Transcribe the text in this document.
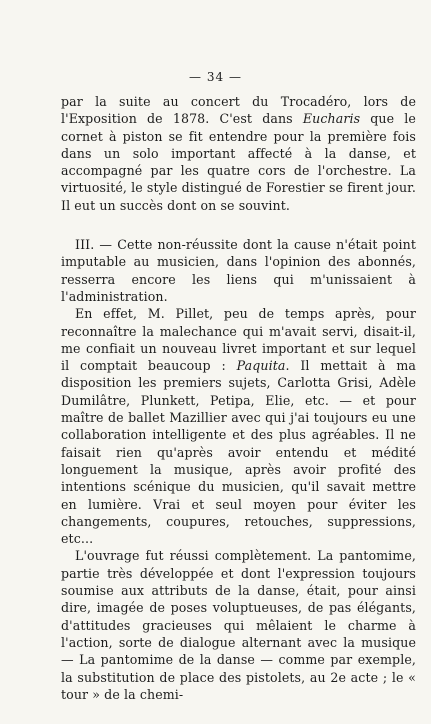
— 34 —

par la suite au concert du Trocadéro, lors de l'Exposition de 1878. C'est dans Eucharis que le cornet à piston se fit entendre pour la première fois dans un solo important affecté à la danse, et accompagné par les quatre cors de l'orchestre. La virtuosité, le style distingué de Forestier se firent jour. Il eut un succès dont on se souvint.

III. — Cette non-réussite dont la cause n'était point imputable au musicien, dans l'opinion des abonnés, resserra encore les liens qui m'unissaient à l'administration.

En effet, M. Pillet, peu de temps après, pour reconnaître la malechance qui m'avait servi, disait-il, me confiait un nouveau livret important et sur lequel il comptait beaucoup : Paquita. Il mettait à ma disposition les premiers sujets, Carlotta Grisi, Adèle Dumilâtre, Plunkett, Petipa, Elie, etc. — et pour maître de ballet Mazillier avec qui j'ai toujours eu une collaboration intelligente et des plus agréables. Il ne faisait rien qu'après avoir entendu et médité longuement la musique, après avoir profité des intentions scénique du musicien, qu'il savait mettre en lumière. Vrai et seul moyen pour éviter les changements, coupures, retouches, suppressions, etc...

L'ouvrage fut réussi complètement. La pantomime, partie très développée et dont l'expression toujours soumise aux attributs de la danse, était, pour ainsi dire, imagée de poses voluptueuses, de pas élégants, d'attitudes gracieuses qui mêlaient le charme à l'action, sorte de dialogue alternant avec la musique — La pantomime de la danse — comme par exemple, la substitution de place des pistolets, au 2e acte ; le « tour » de la chemi-
